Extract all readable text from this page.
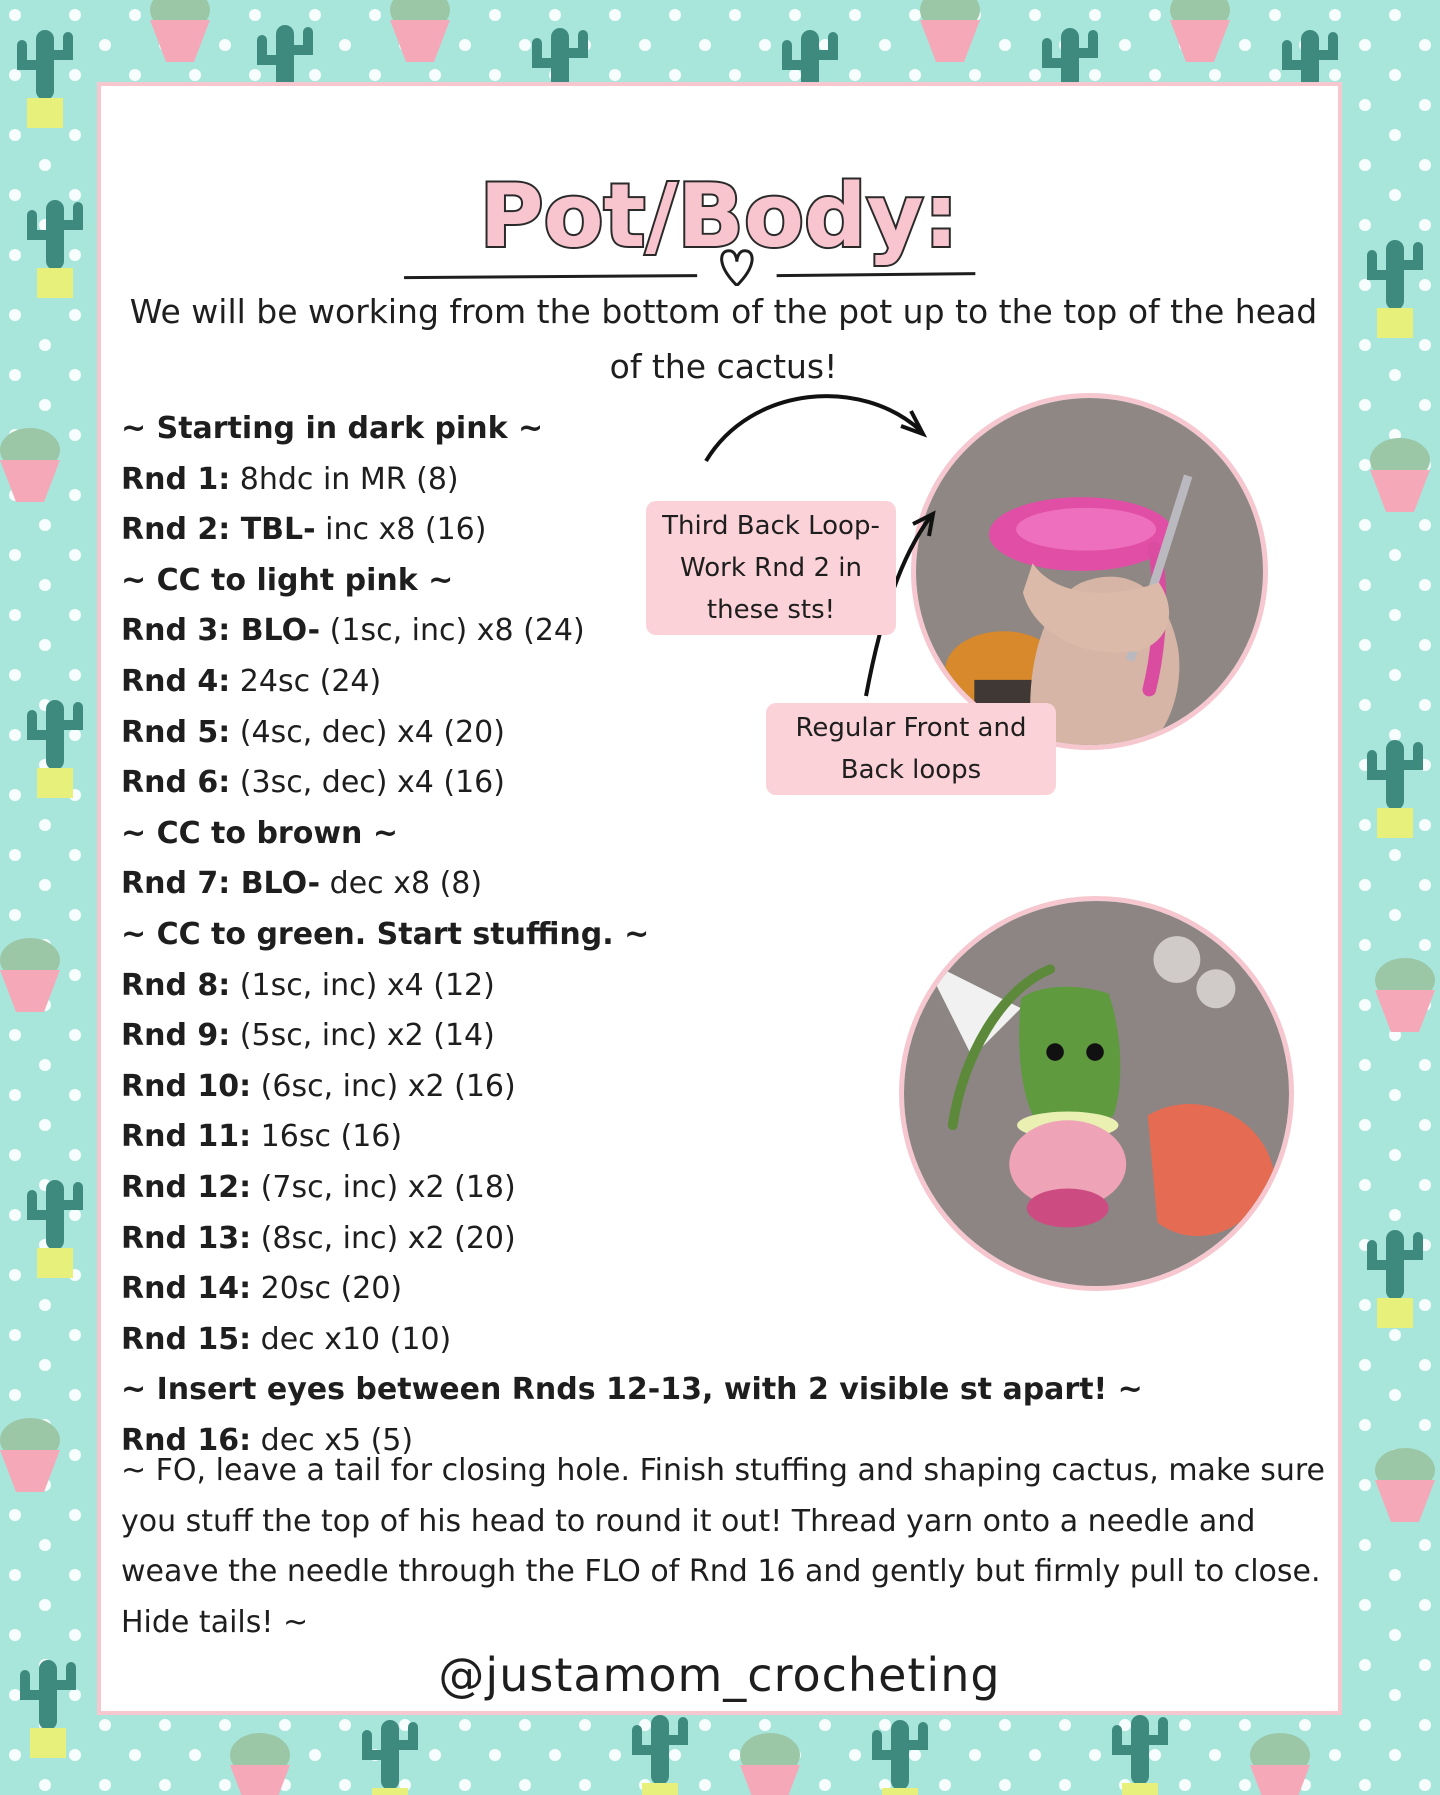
Pot/Body:
We will be working from the bottom of the pot up to the top of the head of the cactus!
~ Starting in dark pink ~
Rnd 1: 8hdc in MR (8)
Rnd 2: TBL- inc x8 (16)
~ CC to light pink ~
Rnd 3: BLO- (1sc, inc) x8 (24)
Rnd 4: 24sc (24)
Rnd 5: (4sc, dec) x4 (20)
Rnd 6: (3sc, dec) x4 (16)
~ CC to brown ~
Rnd 7: BLO- dec x8 (8)
~ CC to green. Start stuffing. ~
Rnd 8: (1sc, inc) x4 (12)
Rnd 9: (5sc, inc) x2 (14)
Rnd 10: (6sc, inc) x2 (16)
Rnd 11: 16sc (16)
Rnd 12: (7sc, inc) x2 (18)
Rnd 13: (8sc, inc) x2 (20)
Rnd 14: 20sc (20)
Rnd 15: dec x10 (10)
~ Insert eyes between Rnds 12-13, with 2 visible st apart! ~
Rnd 16: dec x5 (5)
~ FO, leave a tail for closing hole. Finish stuffing and shaping cactus, make sure you stuff the top of his head to round it out! Thread yarn onto a needle and weave the needle through the FLO of Rnd 16 and gently but firmly pull to close. Hide tails! ~
Third Back Loop-
Work Rnd 2 in
these sts!
Regular Front and
Back loops
@justamom_crocheting
